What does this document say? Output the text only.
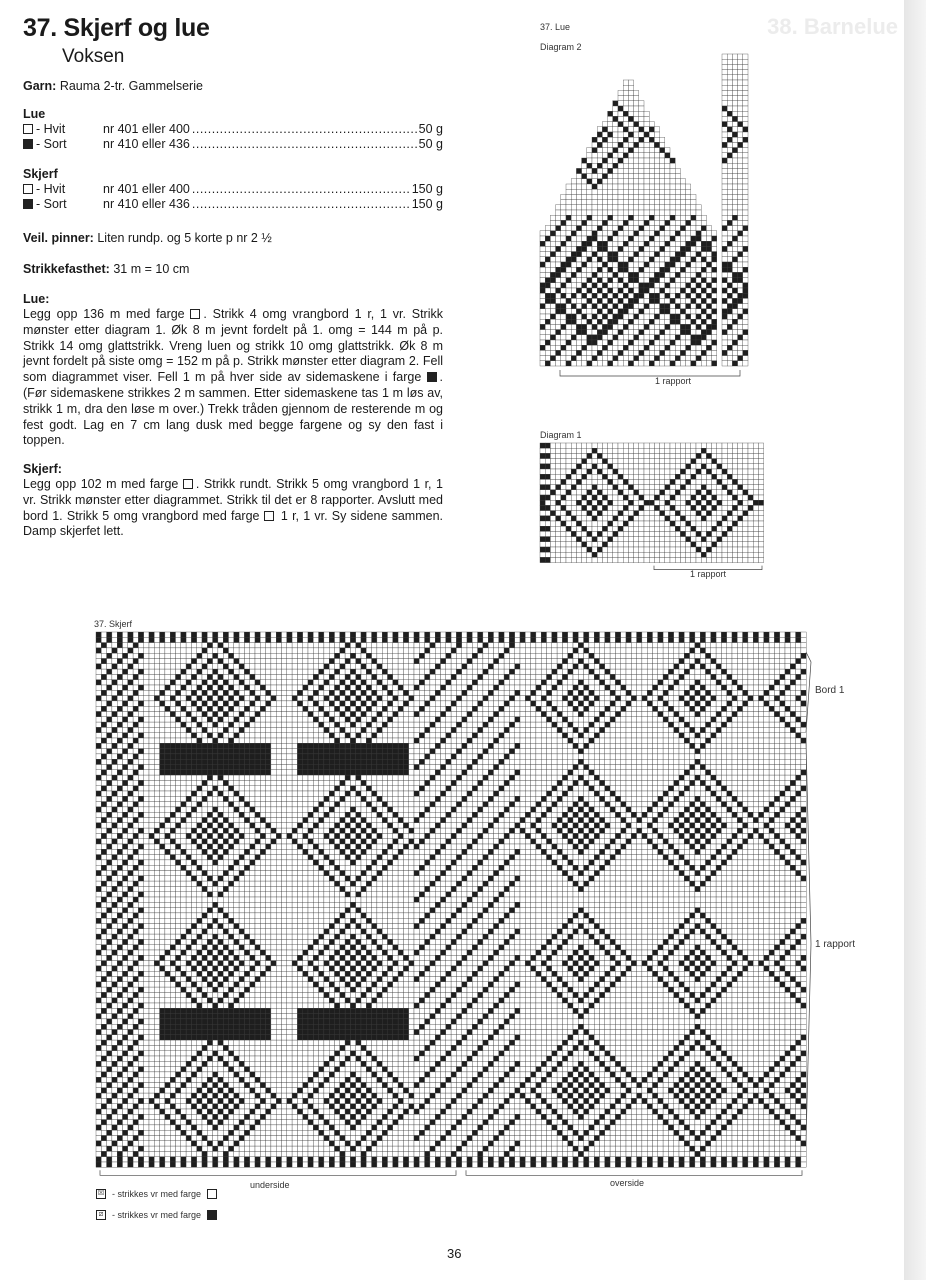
38. Barnelue
37. Skjerf og lue
Voksen
Garn: Rauma 2-tr. Gammelserie
Lue
- Hvit	nr 401 eller 400 .....	50 g
- Sort	nr 410 eller 436 .....	50 g
Skjerf
- Hvit	nr 401 eller 400 .....	150 g
- Sort	nr 410 eller 436 .....	150 g
Veil. pinner: Liten rundp. og 5 korte p nr 2 ½
Strikkefasthet: 31 m = 10 cm
Lue:
Legg opp 136 m med farge . Strikk 4 omg vrangbord 1 r, 1 vr. Strikk mønster etter diagram 1. Øk 8 m jevnt fordelt på 1. omg = 144 m på p. Strikk 14 omg glattstrikk. Vreng luen og strikk 10 omg glattstrikk. Øk 8 m jevnt fordelt på siste omg = 152 m på p. Strikk mønster etter diagram 2. Fell som diagrammet viser. Fell 1 m på hver side av sidemaskene i farge . (Før sidemaskene strikkes 2 m sammen. Etter sidemaskene tas 1 m løs av, strikk 1 m, dra den løse m over.) Trekk tråden gjennom de resterende m og fest godt. Lag en 7 cm lang dusk med begge fargene og sy den fast i toppen.
Skjerf:
Legg opp 102 m med farge . Strikk rundt. Strikk 5 omg vrangbord 1 r, 1 vr. Strikk mønster etter diagrammet. Strikk til det er 8 rapporter. Avslutt med bord 1. Strikk 5 omg vrangbord med farge  1 r, 1 vr. Sy sidene sammen. Damp skjerfet lett.
37. Lue
Diagram 2
1 rapport
Diagram 1
1 rapport
37. Skjerf
Bord 1
1 rapport
underside	overside
☒ - strikkes vr med farge
⧄ - strikkes vr med farge
36
